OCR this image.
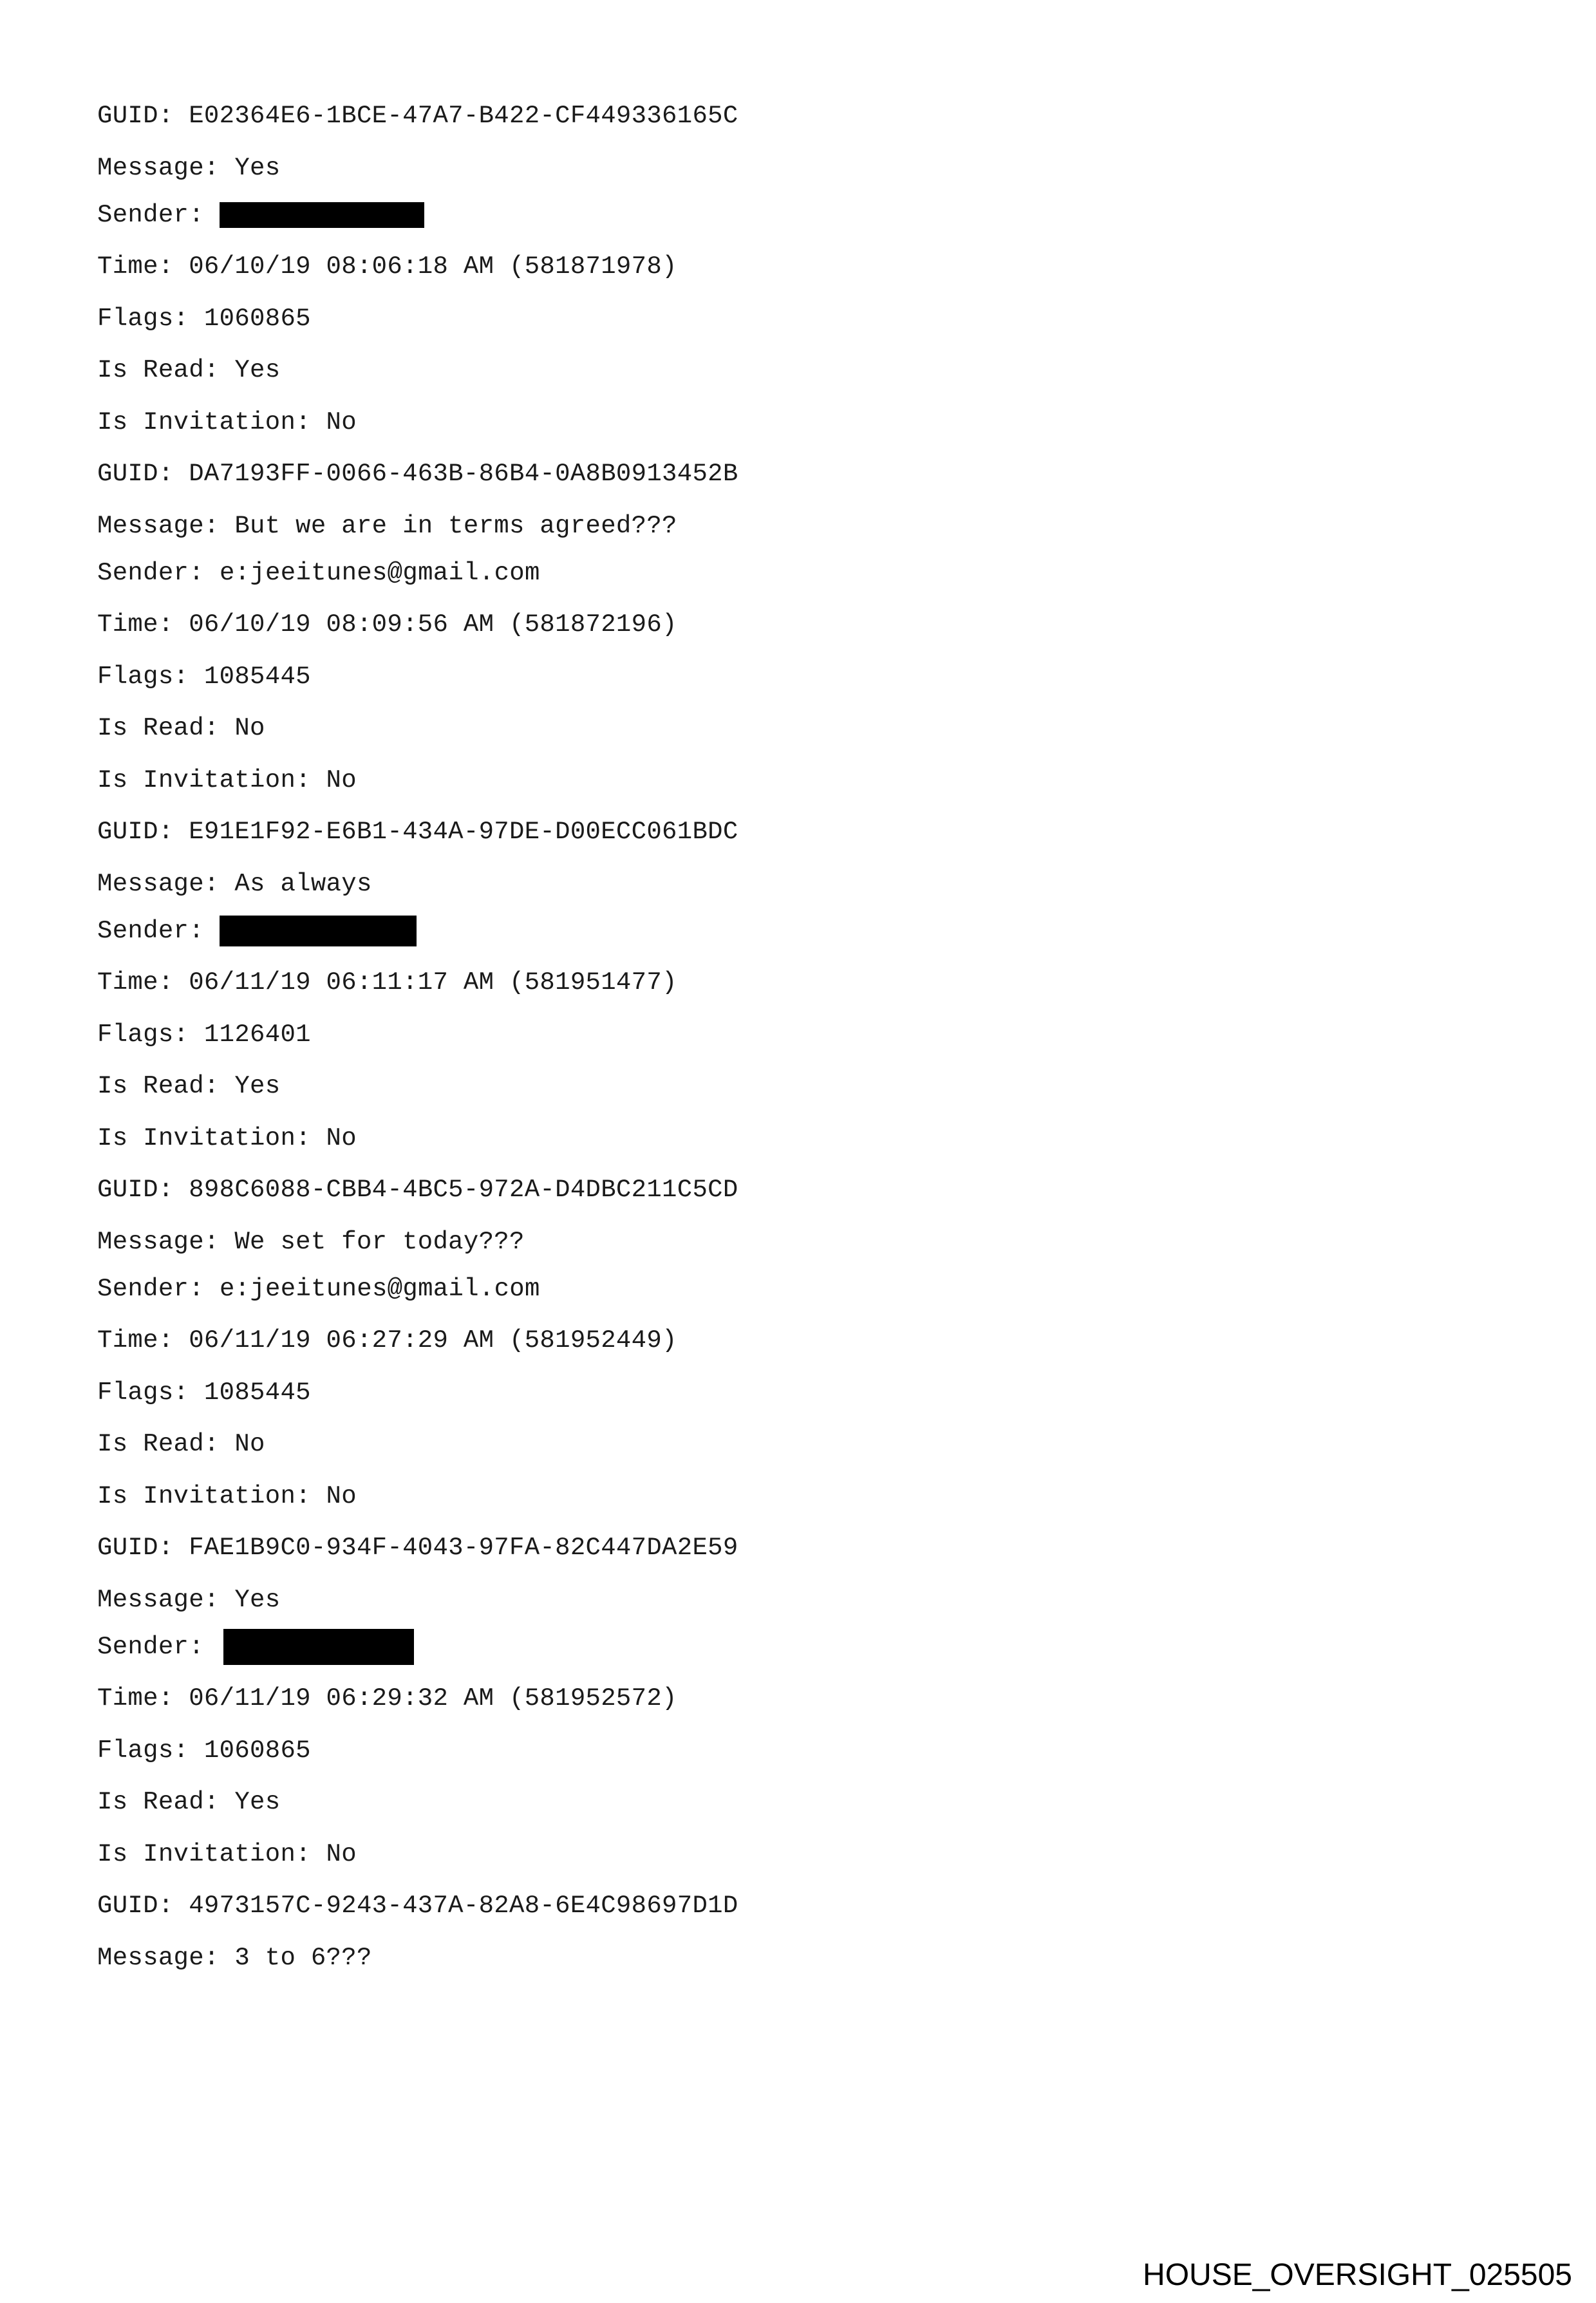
GUID: E02364E6-1BCE-47A7-B422-CF449336165C
Message: Yes
Sender:
Time: 06/10/19 08:06:18 AM (581871978)
Flags: 1060865
Is Read: Yes
Is Invitation: No
GUID: DA7193FF-0066-463B-86B4-0A8B0913452B
Message: But we are in terms agreed???
Sender: e:jeeitunes@gmail.com
Time: 06/10/19 08:09:56 AM (581872196)
Flags: 1085445
Is Read: No
Is Invitation: No
GUID: E91E1F92-E6B1-434A-97DE-D00ECC061BDC
Message: As always
Sender:
Time: 06/11/19 06:11:17 AM (581951477)
Flags: 1126401
Is Read: Yes
Is Invitation: No
GUID: 898C6088-CBB4-4BC5-972A-D4DBC211C5CD
Message: We set for today???
Sender: e:jeeitunes@gmail.com
Time: 06/11/19 06:27:29 AM (581952449)
Flags: 1085445
Is Read: No
Is Invitation: No
GUID: FAE1B9C0-934F-4043-97FA-82C447DA2E59
Message: Yes
Sender:
Time: 06/11/19 06:29:32 AM (581952572)
Flags: 1060865
Is Read: Yes
Is Invitation: No
GUID: 4973157C-9243-437A-82A8-6E4C98697D1D
Message: 3 to 6???
HOUSE_OVERSIGHT_025505
